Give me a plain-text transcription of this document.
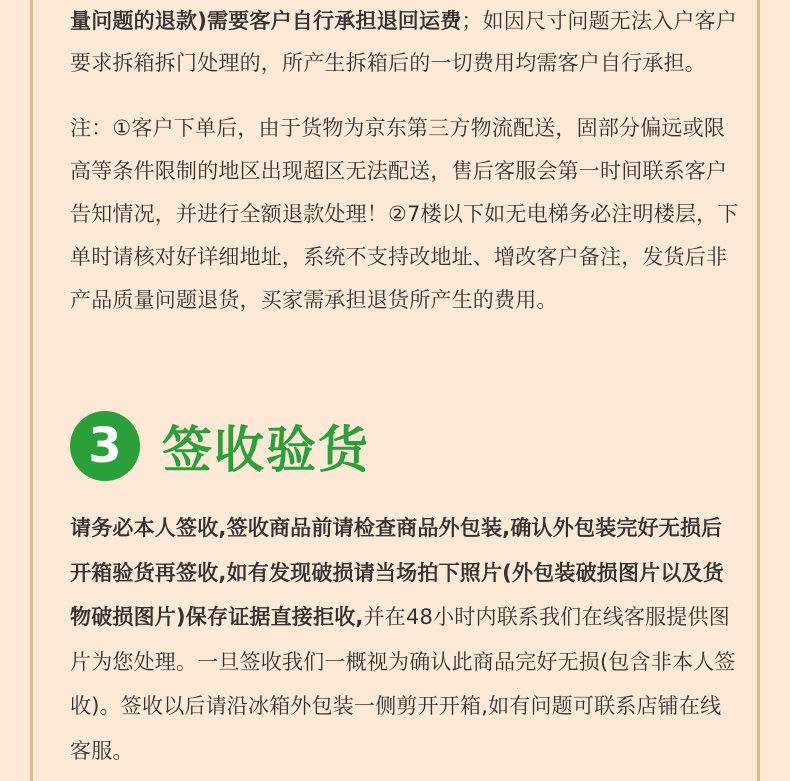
量问题的退款)需要客户自行承担退回运费；如因尺寸问题无法入户客户要求拆箱拆门处理的，所产生拆箱后的一切费用均需客户自行承担。

注：①客户下单后，由于货物为京东第三方物流配送，固部分偏远或限高等条件限制的地区出现超区无法配送，售后客服会第一时间联系客户告知情况，并进行全额退款处理！②7楼以下如无电梯务必注明楼层，下单时请核对好详细地址，系统不支持改地址、增改客户备注，发货后非产品质量问题退货，买家需承担退货所产生的费用。

3 签收验货

请务必本人签收,签收商品前请检查商品外包装,确认外包装完好无损后开箱验货再签收,如有发现破损请当场拍下照片(外包装破损图片以及货物破损图片)保存证据直接拒收,并在48小时内联系我们在线客服提供图片为您处理。一旦签收我们一概视为确认此商品完好无损(包含非本人签收)。签收以后请沿冰箱外包装一侧剪开开箱,如有问题可联系店铺在线客服。
